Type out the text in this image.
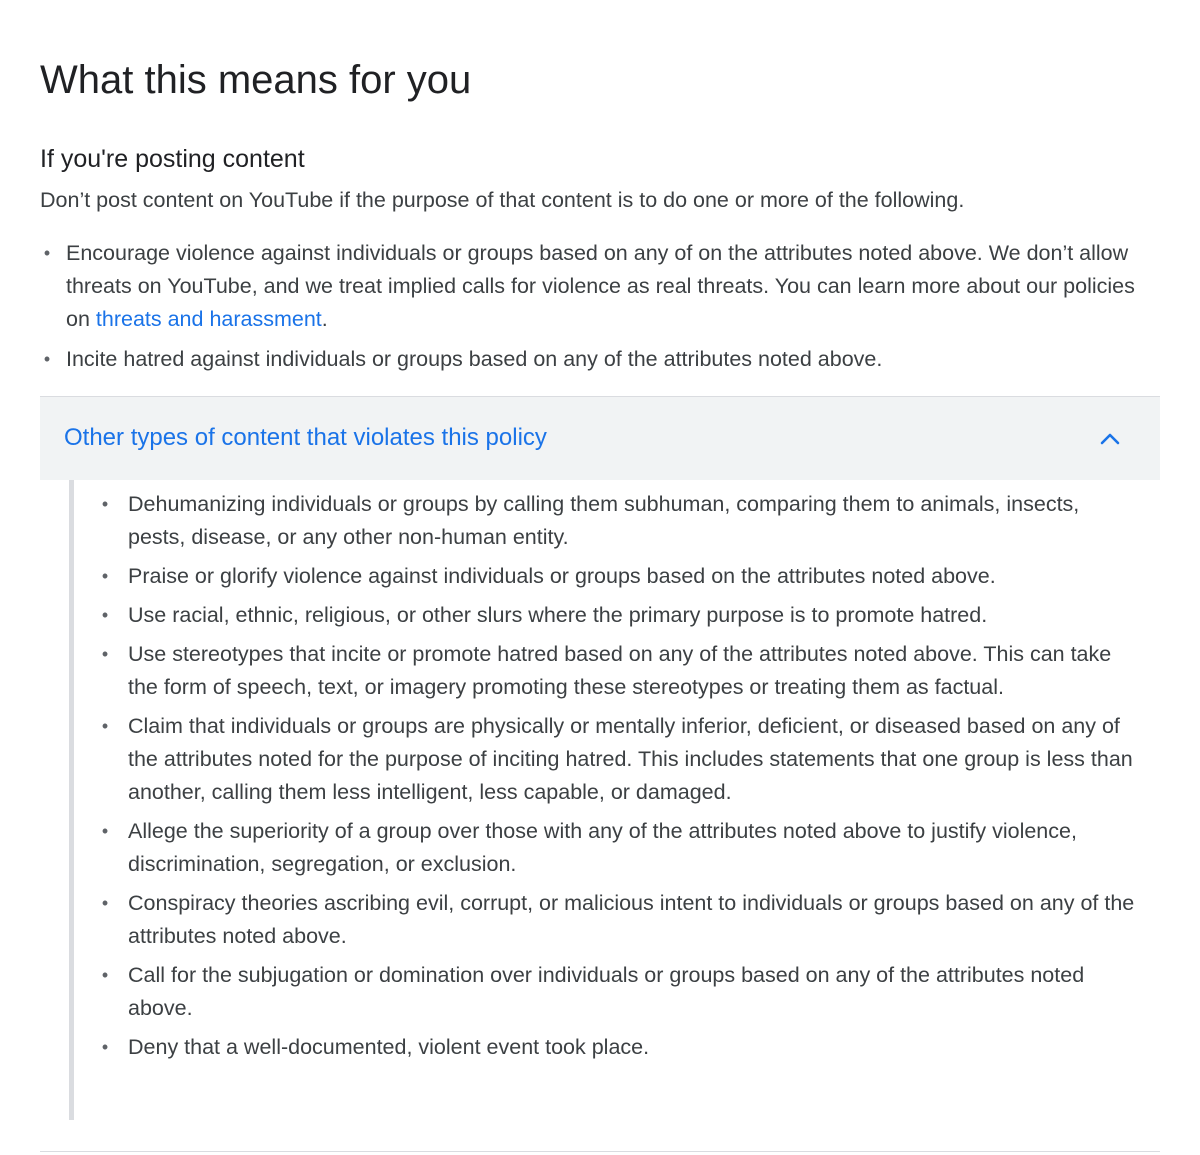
What this means for you
If you're posting content

Don’t post content on YouTube if the purpose of that content is to do one or more of the following.

• Encourage violence against individuals or groups based on any of on the attributes noted above. We don’t allow threats on YouTube, and we treat implied calls for violence as real threats. You can learn more about our policies on threats and harassment.
• Incite hatred against individuals or groups based on any of the attributes noted above.
Other types of content that violates this policy
• Dehumanizing individuals or groups by calling them subhuman, comparing them to animals, insects, pests, disease, or any other non-human entity.
• Praise or glorify violence against individuals or groups based on the attributes noted above.
• Use racial, ethnic, religious, or other slurs where the primary purpose is to promote hatred.
• Use stereotypes that incite or promote hatred based on any of the attributes noted above. This can take the form of speech, text, or imagery promoting these stereotypes or treating them as factual.
• Claim that individuals or groups are physically or mentally inferior, deficient, or diseased based on any of the attributes noted for the purpose of inciting hatred. This includes statements that one group is less than another, calling them less intelligent, less capable, or damaged.
• Allege the superiority of a group over those with any of the attributes noted above to justify violence, discrimination, segregation, or exclusion.
• Conspiracy theories ascribing evil, corrupt, or malicious intent to individuals or groups based on any of the attributes noted above.
• Call for the subjugation or domination over individuals or groups based on any of the attributes noted above.
• Deny that a well-documented, violent event took place.
